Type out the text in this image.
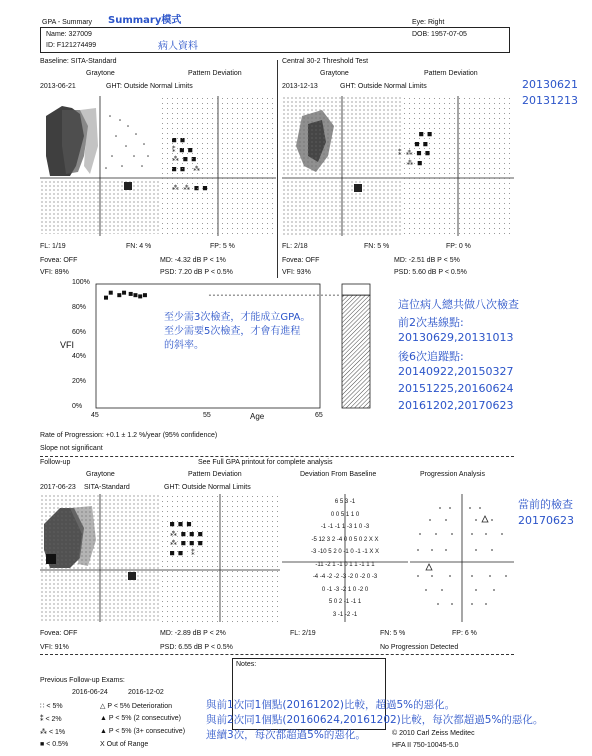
GPA - Summary Summary模式	Eye: Right
Name: 327009
ID: F121274499
DOB: 1957-07-05
病人資料
Baseline: SITA-Standard	Central 30-2 Threshold Test
Graytone	Pattern Deviation	Graytone	Pattern Deviation
2013-06-21	GHT: Outside Normal Limits	2013-12-13	GHT: Outside Normal Limits	20130621
20131213

■ ■
■ ■
⁑ ⁂ ■ ■
⁂ ■
FL: 1/19	FN: 4 %	FP: 5 %
Fovea: OFF	MD: -4.32 dB P < 1%
VFI: 89%	PSD: 7.20 dB P < 0.5%
FL: 2/18	FN: 5 %	FP: 0 %
Fovea: OFF	MD: -2.51 dB P < 5%
VFI: 93%	PSD: 5.60 dB P < 0.5%
VFI
100%
80%
60%
40%
20%
0%
45	55	65
Age
至少需3次檢查，才能成立GPA。
至少需要5次檢查，才會有進程
的斜率。
這位病人總共做八次檢查
前2次基線點:
20130629,20131013
後6次追蹤點:
20140922,20150327
20151225,20160624
20161202,20170623
Rate of Progression: +0.1 ± 1.2 %/year (95% confidence)
Slope not significant
Follow-up	See Full GPA printout for complete analysis
Graytone	Pattern Deviation	Deviation From Baseline	Progression Analysis
2017-06-23 SITA-Standard	GHT: Outside Normal Limits
當前的檢查
20170623
■ ■ ■
⁂ ■ ■ ■
⁂ ■ ■ ■
■ ■  ⁑
6 5 3 -1
0 0 5 1 1 0
-1 -1 -1 1 -3 1 0 -3
-5 12 3 2 -4 0 0 5 0 2 X X
-3 -10 5 2 0 -1 0 -1 -1 X X
-11 -2 1 -1 0 1 1 -1 1 1
-4 -4 -2 -2 -3 -2 0 -2 0 -3
0 -1 -3 -2 1 0 -2 0
5 0 2 -1 -1 1
3 -1 -2 -1
Fovea: OFF	MD: -2.89 dB P < 2%	FL: 2/19	FN: 5 %	FP: 6 %
VFI: 91%	PSD: 6.55 dB P < 0.5%	No Progression Detected
Notes:
Previous Follow-up Exams:
2016-06-24	2016-12-02
∷ < 5%
⁑ < 2%
⁂ < 1%
■ < 0.5%
△ P < 5% Deterioration
▲ P < 5% (2 consecutive)
▲ P < 5% (3+ consecutive)
X Out of Range
與前1次同1個點(20161202)比較，超過5%的惡化。
與前2次同1個點(20160624,20161202)比較，每次都超過5%的惡化。
連續3次，每次都超過5%的惡化。	© 2010 Carl Zeiss Meditec
HFA II 750-10045-5.0
